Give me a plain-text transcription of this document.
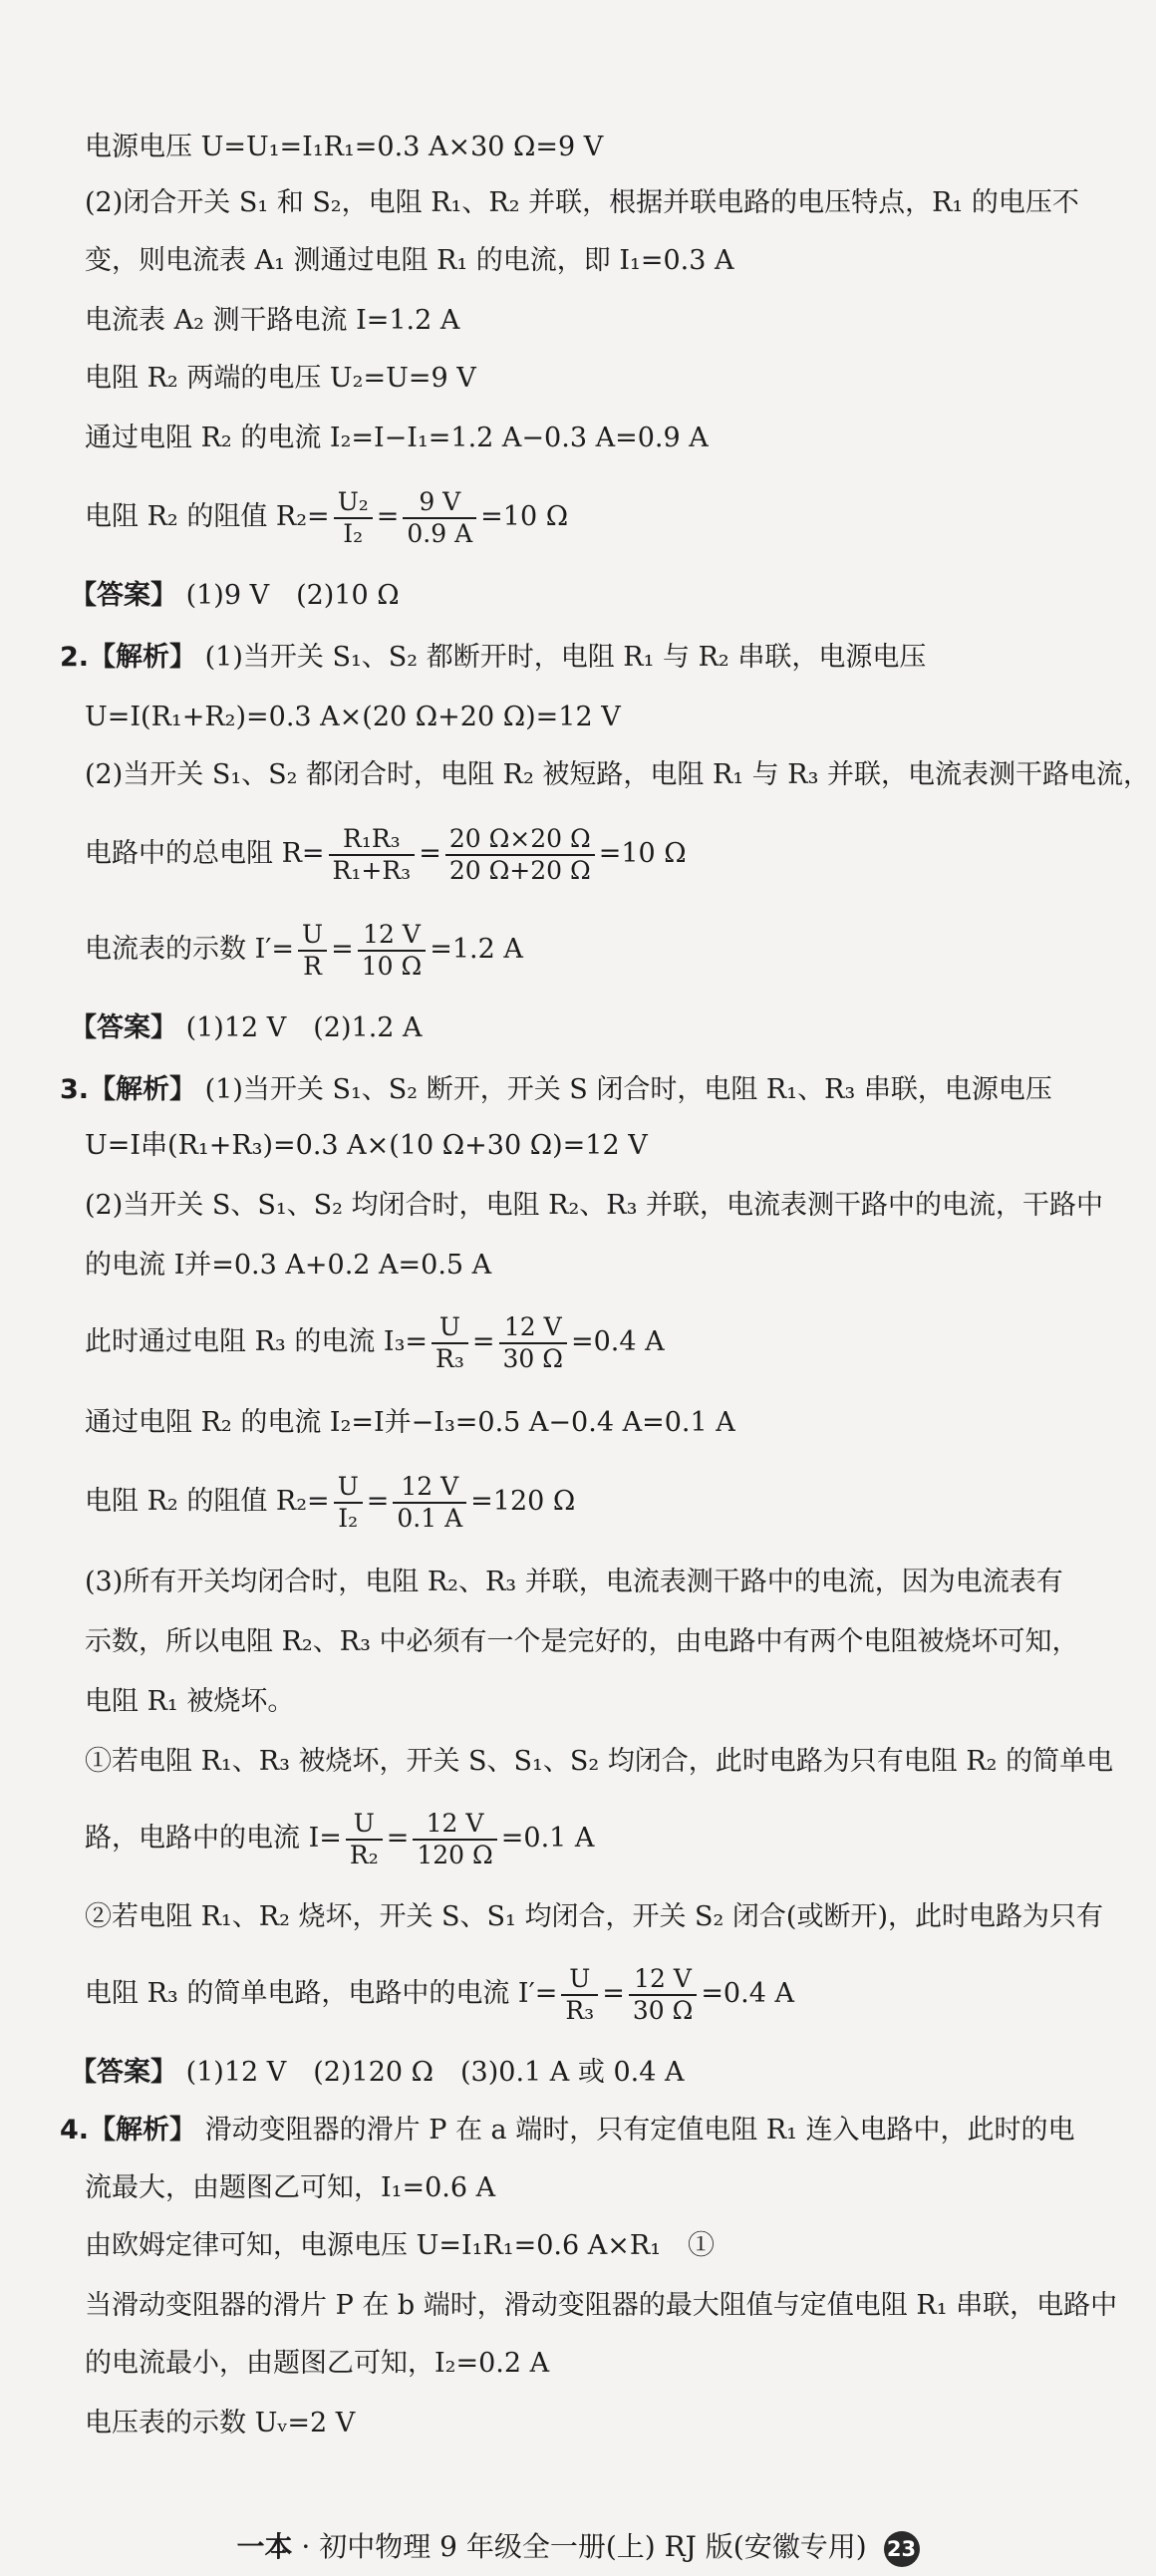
电源电压 U=U₁=I₁R₁=0.3 A×30 Ω=9 V
(2)闭合开关 S₁ 和 S₂，电阻 R₁、R₂ 并联，根据并联电路的电压特点，R₁ 的电压不
变，则电流表 A₁ 测通过电阻 R₁ 的电流，即 I₁=0.3 A
电流表 A₂ 测干路电流 I=1.2 A
电阻 R₂ 两端的电压 U₂=U=9 V
通过电阻 R₂ 的电流 I₂=I−I₁=1.2 A−0.3 A=0.9 A
电阻 R₂ 的阻值 $R_2= \frac{\text{U₂}}{\text{I₂}} = \frac{9 V}{0.9 A} =10$ Ω
【答案】 (1)9 V　(2)10 Ω
2.【解析】 (1)当开关 S₁、S₂ 都断开时，电阻 R₁ 与 R₂ 串联，电源电压
U=I(R₁+R₂)=0.3 A×(20 Ω+20 Ω)=12 V
(2)当开关 S₁、S₂ 都闭合时，电阻 R₂ 被短路，电阻 R₁ 与 R₃ 并联，电流表测干路电流，
电路中的总电阻 $R= \frac{\text{R₁R₃}}{\text{R₁+R₃}} = \frac{20 \Omega\times 20 \Omega}{20 \Omega+20 \Omega} =10$ Ω
电流表的示数 $I'= \frac{U}{R} = \frac{12 V}{10 \Omega} =1.2$ A
【答案】 (1)12 V　(2)1.2 A
3.【解析】 (1)当开关 S₁、S₂ 断开，开关 S 闭合时，电阻 R₁、R₃ 串联，电源电压
U=I串(R₁+R₃)=0.3 A×(10 Ω+30 Ω)=12 V
(2)当开关 S、S₁、S₂ 均闭合时，电阻 R₂、R₃ 并联，电流表测干路中的电流，干路中
的电流 I并=0.3 A+0.2 A=0.5 A
此时通过电阻 R₃ 的电流 $I_3= \frac{U}{\text{R₃}} = \frac{12 V}{30 \Omega} =0.4$ A
通过电阻 R₂ 的电流 I₂=I并−I₃=0.5 A−0.4 A=0.1 A
电阻 R₂ 的阻值 $R_2= \frac{U}{\text{I₂}} = \frac{12 V}{0.1 A} =120$ Ω
(3)所有开关均闭合时，电阻 R₂、R₃ 并联，电流表测干路中的电流，因为电流表有
示数，所以电阻 R₂、R₃ 中必须有一个是完好的，由电路中有两个电阻被烧坏可知，
电阻 R₁ 被烧坏。
①若电阻 R₁、R₃ 被烧坏，开关 S、S₁、S₂ 均闭合，此时电路为只有电阻 R₂ 的简单电
路，电路中的电流 $I= \frac{U}{\text{R₂}} = \frac{12 V}{120 \Omega} =0.1$ A
②若电阻 R₁、R₂ 烧坏，开关 S、S₁ 均闭合，开关 S₂ 闭合(或断开)，此时电路为只有
电阻 R₃ 的简单电路，电路中的电流 $I'= \frac{U}{\text{R₃}} = \frac{12 V}{30 \Omega} =0.4$ A
【答案】 (1)12 V　(2)120 Ω　(3)0.1 A 或 0.4 A
4.【解析】 滑动变阻器的滑片 P 在 a 端时，只有定值电阻 R₁ 连入电路中，此时的电
流最大，由题图乙可知，I₁=0.6 A
由欧姆定律可知，电源电压 U=I₁R₁=0.6 A×R₁　①
当滑动变阻器的滑片 P 在 b 端时，滑动变阻器的最大阻值与定值电阻 R₁ 串联，电路中
的电流最小，由题图乙可知，I₂=0.2 A
电压表的示数 Uᵥ=2 V
一本 · 初中物理 9 年级全一册(上) RJ 版(安徽专用) 23
